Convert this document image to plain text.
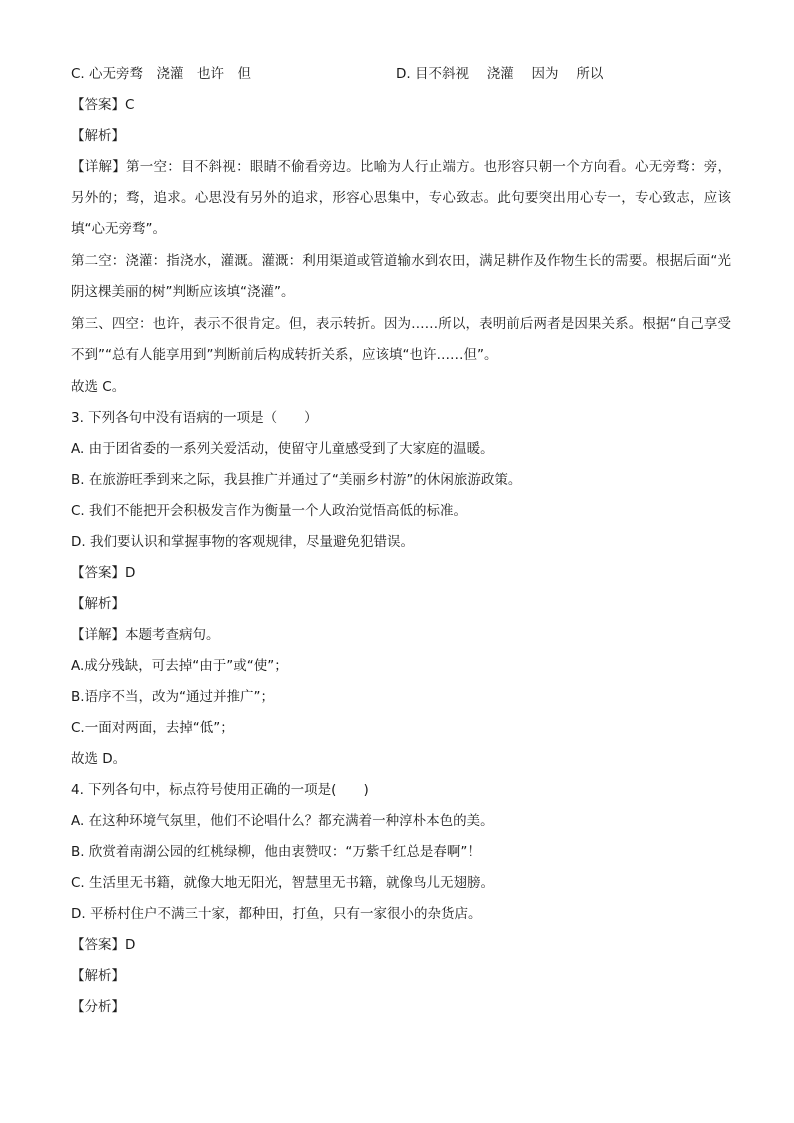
C. 心无旁骛　浇灌　也许　但	D. 目不斜视　 浇灌　 因为　 所以
【答案】C
【解析】
【详解】第一空：目不斜视：眼睛不偷看旁边。比喻为人行止端方。也形容只朝一个方向看。心无旁骛：旁，另外的；骛，追求。心思没有另外的追求，形容心思集中，专心致志。此句要突出用心专一，专心致志，应该填“心无旁骛”。
第二空：浇灌：指浇水，灌溉。灌溉：利用渠道或管道输水到农田，满足耕作及作物生长的需要。根据后面“光阴这棵美丽的树”判断应该填“浇灌”。
第三、四空：也许，表示不很肯定。但，表示转折。因为……所以，表明前后两者是因果关系。根据“自己享受不到”“总有人能享用到”判断前后构成转折关系，应该填“也许……但”。
故选 C。
3. 下列各句中没有语病的一项是（　　）
A. 由于团省委的一系列关爱活动，使留守儿童感受到了大家庭的温暖。
B. 在旅游旺季到来之际，我县推广并通过了“美丽乡村游”的休闲旅游政策。
C. 我们不能把开会积极发言作为衡量一个人政治觉悟高低的标准。
D. 我们要认识和掌握事物的客观规律，尽量避免犯错误。
【答案】D
【解析】
【详解】本题考查病句。
A.成分残缺，可去掉“由于”或“使”；
B.语序不当，改为“通过并推广”；
C.一面对两面，去掉“低”；
故选 D。
4. 下列各句中，标点符号使用正确的一项是(　　)
A. 在这种环境气氛里，他们不论唱什么？都充满着一种淳朴本色的美。
B. 欣赏着南湖公园的红桃绿柳，他由衷赞叹：“万紫千红总是春啊”！
C. 生活里无书籍，就像大地无阳光，智慧里无书籍，就像鸟儿无翅膀。
D. 平桥村住户不满三十家，都种田，打鱼，只有一家很小的杂货店。
【答案】D
【解析】
【分析】
